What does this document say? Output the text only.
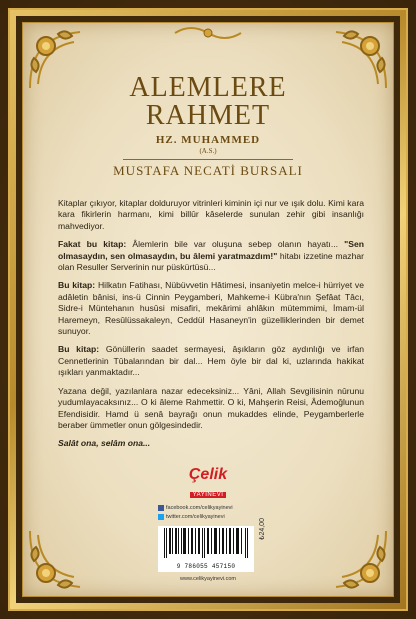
ALEMLERE
RAHMET
HZ. MUHAMMED
(A.S.)
MUSTAFA NECATİ BURSALI

Kitaplar çıkıyor, kitaplar dolduruyor vitrinleri kiminin içi nur ve ışık dolu. Kimi kara kara fikirlerin harmanı, kimi billûr kâselerde sunulan zehir gibi insanlığı mahvediyor.

Fakat bu kitap: Âlemlerin bile var oluşuna sebep olanın hayatı... "Sen olmasaydın, sen olmasaydın, bu âlemi yaratmazdım!" hitabı izzetine mazhar olan Resuller Serverinin nur püskürtüsü...

Bu kitap: Hilkatın Fatihası, Nübüvvetin Hâtimesi, insaniyetin melce-i hürriyet ve adâletin bânisi, ins-ü Cinnin Peygamberi, Mahkeme-i Kübra'nın Şefâat Tâcı, Sidre-i Müntehanın husûsi misafiri, mekârimi ahlâkın mütemmimi, İmam-ül Haremeyn, Resûlüssakaleyn, Ceddül Hasaneyn'in güzelliklerinden bir demet sunuyor.

Bu kitap: Gönüllerin saadet sermayesi, âşıkların göz aydınlığı ve irfan Cennetlerinin Tûbalarından bir dal... Hem öyle bir dal ki, uzlarında hakikat ışıkları yanmaktadır...

Yazana değil, yazılanlara nazar edeceksiniz... Yâni, Allah Sevgilisinin nûrunu yudumlayacaksınız... O ki âleme Rahmettir. O ki, Mahşerin Reisi, Âdemoğlunun Efendisidir. Hamd ü senâ bayrağı onun mukaddes elinde, Peygamberlerle beraber ümmetler onun gölgesindedir.

Salât ona, selâm ona...

Çelik
YAYINEVİ
facebook.com/celikyayinevi
twitter.com/celikyayinevi
9 786055 457150
₺24,00
www.celikyayinevi.com
